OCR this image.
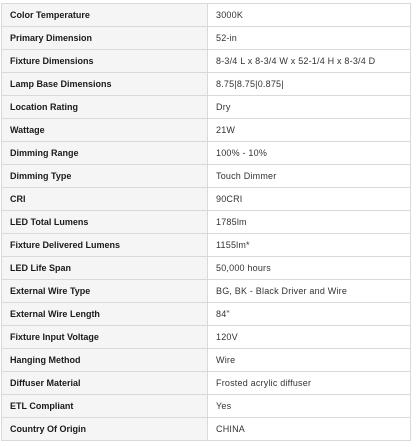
Color Temperature	3000K
Primary Dimension	52-in
Fixture Dimensions	8-3/4 L x 8-3/4 W x 52-1/4 H x 8-3/4 D
Lamp Base Dimensions	8.75|8.75|0.875|
Location Rating	Dry
Wattage	21W
Dimming Range	100% - 10%
Dimming Type	Touch Dimmer
CRI	90CRI
LED Total Lumens	1785lm
Fixture Delivered Lumens	1155lm*
LED Life Span	50,000 hours
External Wire Type	BG, BK - Black Driver and Wire
External Wire Length	84"
Fixture Input Voltage	120V
Hanging Method	Wire
Diffuser Material	Frosted acrylic diffuser
ETL Compliant	Yes
Country Of Origin	CHINA
